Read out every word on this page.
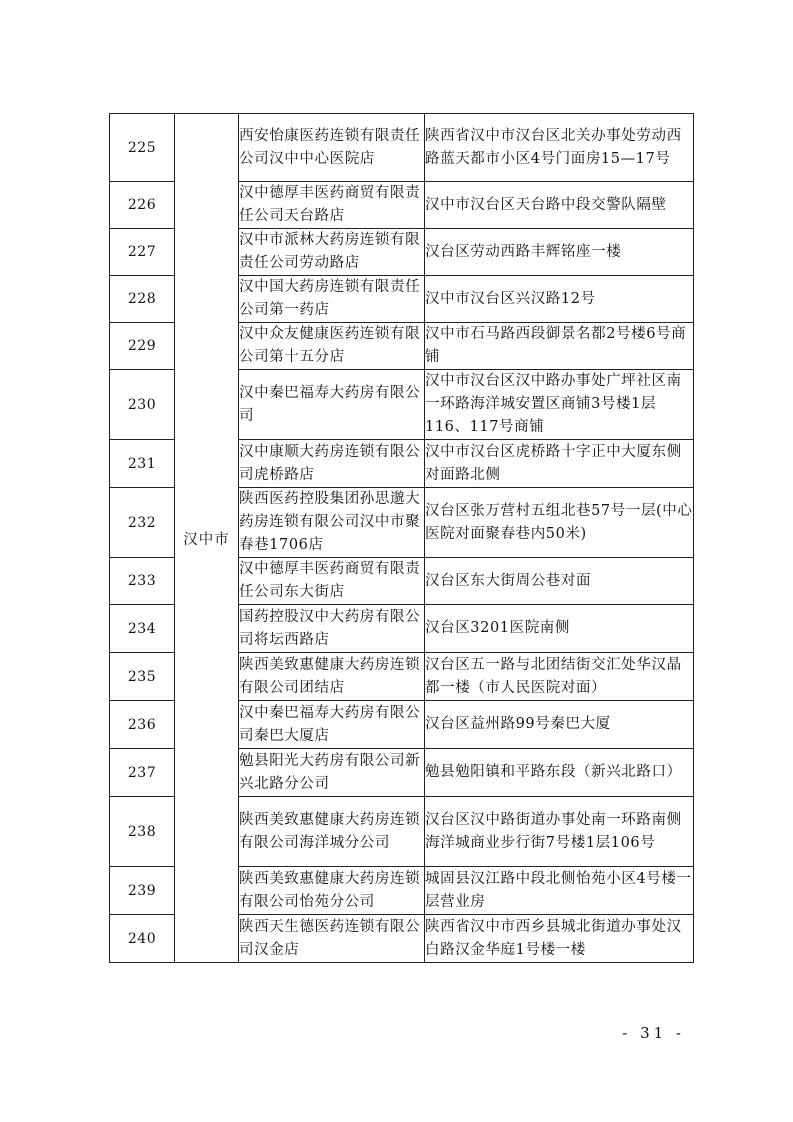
225	汉中市	西安怡康医药连锁有限责任公司汉中中心医院店	陕西省汉中市汉台区北关办事处劳动西路蓝天都市小区4号门面房15—17号
226		汉中德厚丰医药商贸有限责任公司天台路店	汉中市汉台区天台路中段交警队隔壁
227		汉中市派林大药房连锁有限责任公司劳动路店	汉台区劳动西路丰辉铭座一楼
228		汉中国大药房连锁有限责任公司第一药店	汉中市汉台区兴汉路12号
229		汉中众友健康医药连锁有限公司第十五分店	汉中市石马路西段御景名都2号楼6号商铺
230		汉中秦巴福寿大药房有限公司	汉中市汉台区汉中路办事处广坪社区南一环路海洋城安置区商铺3号楼1层116、117号商铺
231		汉中康顺大药房连锁有限公司虎桥路店	汉中市汉台区虎桥路十字正中大厦东侧对面路北侧
232		陕西医药控股集团孙思邈大药房连锁有限公司汉中市聚春巷1706店	汉台区张万营村五组北巷57号一层(中心医院对面聚春巷内50米)
233		汉中德厚丰医药商贸有限责任公司东大街店	汉台区东大街周公巷对面
234		国药控股汉中大药房有限公司将坛西路店	汉台区3201医院南侧
235		陕西美致惠健康大药房连锁有限公司团结店	汉台区五一路与北团结街交汇处华汉晶都一楼（市人民医院对面）
236		汉中秦巴福寿大药房有限公司秦巴大厦店	汉台区益州路99号秦巴大厦
237		勉县阳光大药房有限公司新兴北路分公司	勉县勉阳镇和平路东段（新兴北路口）
238		陕西美致惠健康大药房连锁有限公司海洋城分公司	汉台区汉中路街道办事处南一环路南侧海洋城商业步行街7号楼1层106号
239		陕西美致惠健康大药房连锁有限公司怡苑分公司	城固县汉江路中段北侧怡苑小区4号楼一层营业房
240		陕西天生德医药连锁有限公司汉金店	陕西省汉中市西乡县城北街道办事处汉白路汉金华庭1号楼一楼
- 31 -
